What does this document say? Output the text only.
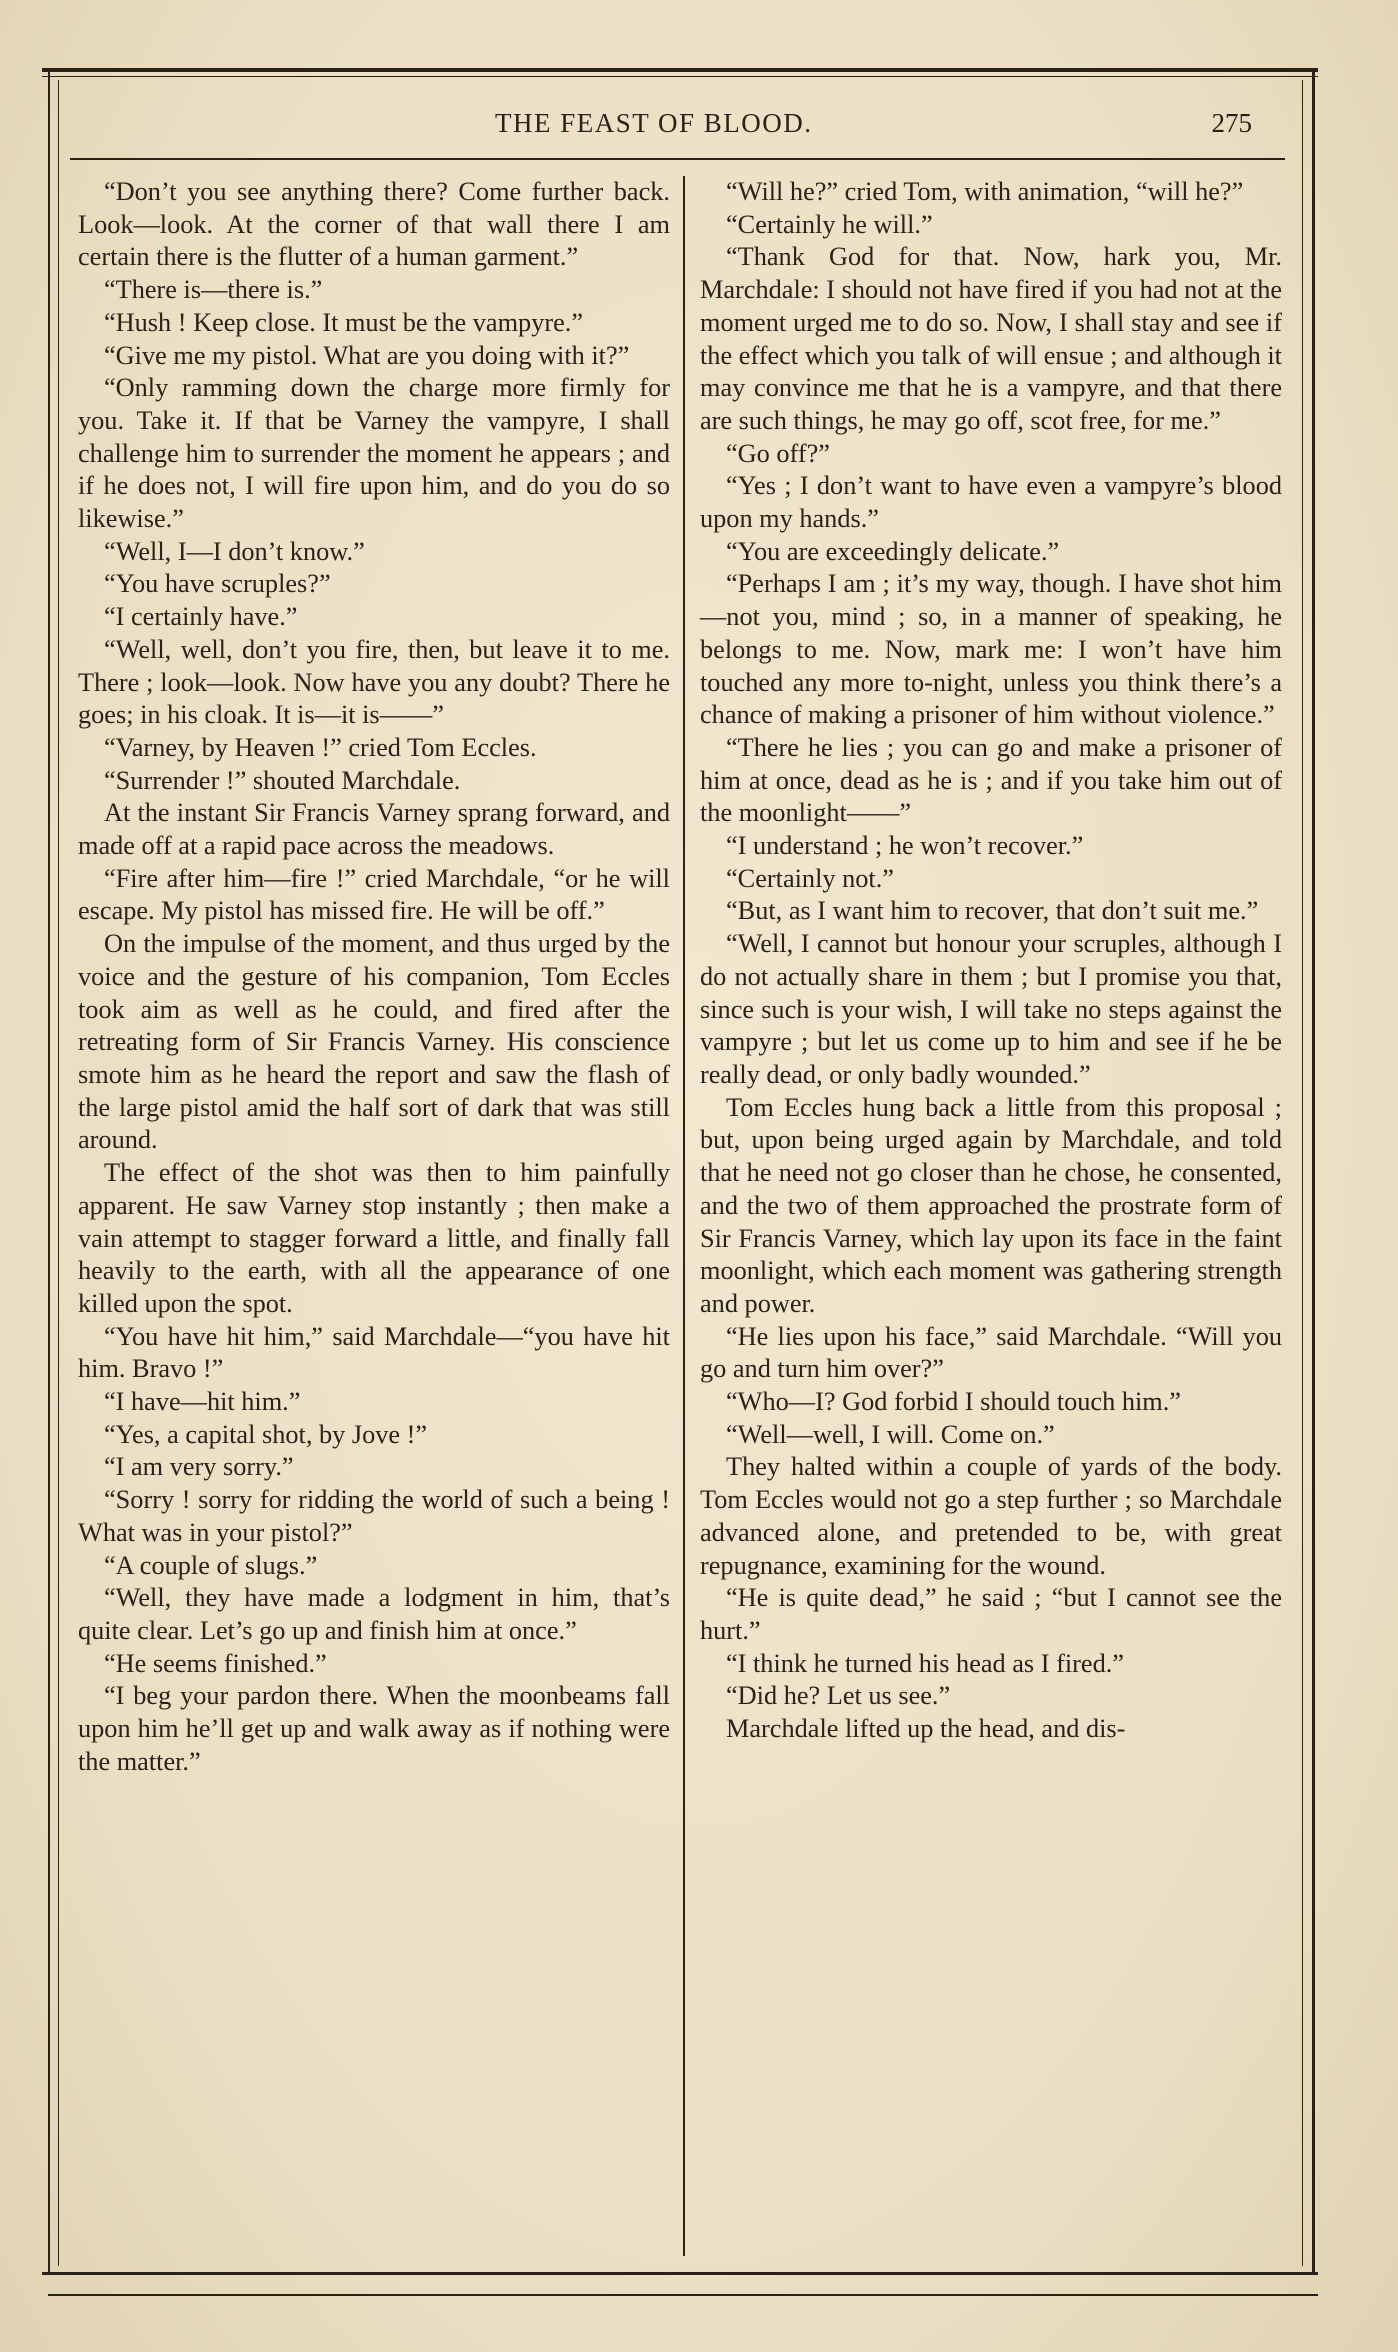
THE FEAST OF BLOOD.	275

“Don’t you see anything there? Come further back. Look—look. At the corner of that wall there I am certain there is the flutter of a human garment.”

“There is—there is.”

“Hush ! Keep close. It must be the vampyre.”

“Give me my pistol. What are you doing with it?”

“Only ramming down the charge more firmly for you. Take it. If that be Varney the vampyre, I shall challenge him to surrender the moment he appears ; and if he does not, I will fire upon him, and do you do so likewise.”

“Well, I—I don’t know.”

“You have scruples?”

“I certainly have.”

“Well, well, don’t you fire, then, but leave it to me. There ; look—look. Now have you any doubt? There he goes; in his cloak. It is—it is——”

“Varney, by Heaven !” cried Tom Eccles.

“Surrender !” shouted Marchdale.

At the instant Sir Francis Varney sprang forward, and made off at a rapid pace across the meadows.

“Fire after him—fire !” cried Marchdale, “or he will escape. My pistol has missed fire. He will be off.”

On the impulse of the moment, and thus urged by the voice and the gesture of his companion, Tom Eccles took aim as well as he could, and fired after the retreating form of Sir Francis Varney. His conscience smote him as he heard the report and saw the flash of the large pistol amid the half sort of dark that was still around.

The effect of the shot was then to him painfully apparent. He saw Varney stop instantly ; then make a vain attempt to stagger forward a little, and finally fall heavily to the earth, with all the appearance of one killed upon the spot.

“You have hit him,” said Marchdale—“you have hit him. Bravo !”

“I have—hit him.”

“Yes, a capital shot, by Jove !”

“I am very sorry.”

“Sorry ! sorry for ridding the world of such a being ! What was in your pistol?”

“A couple of slugs.”

“Well, they have made a lodgment in him, that’s quite clear. Let’s go up and finish him at once.”

“He seems finished.”

“I beg your pardon there. When the moonbeams fall upon him he’ll get up and walk away as if nothing were the matter.”

“Will he?” cried Tom, with animation, “will he?”

“Certainly he will.”

“Thank God for that. Now, hark you, Mr. Marchdale: I should not have fired if you had not at the moment urged me to do so. Now, I shall stay and see if the effect which you talk of will ensue ; and although it may convince me that he is a vampyre, and that there are such things, he may go off, scot free, for me.”

“Go off?”

“Yes ; I don’t want to have even a vampyre’s blood upon my hands.”

“You are exceedingly delicate.”

“Perhaps I am ; it’s my way, though. I have shot him—not you, mind ; so, in a manner of speaking, he belongs to me. Now, mark me: I won’t have him touched any more to-night, unless you think there’s a chance of making a prisoner of him without violence.”

“There he lies ; you can go and make a prisoner of him at once, dead as he is ; and if you take him out of the moonlight——”

“I understand ; he won’t recover.”

“Certainly not.”

“But, as I want him to recover, that don’t suit me.”

“Well, I cannot but honour your scruples, although I do not actually share in them ; but I promise you that, since such is your wish, I will take no steps against the vampyre ; but let us come up to him and see if he be really dead, or only badly wounded.”

Tom Eccles hung back a little from this proposal ; but, upon being urged again by Marchdale, and told that he need not go closer than he chose, he consented, and the two of them approached the prostrate form of Sir Francis Varney, which lay upon its face in the faint moonlight, which each moment was gathering strength and power.

“He lies upon his face,” said Marchdale. “Will you go and turn him over?”

“Who—I? God forbid I should touch him.”

“Well—well, I will. Come on.”

They halted within a couple of yards of the body. Tom Eccles would not go a step further ; so Marchdale advanced alone, and pretended to be, with great repugnance, examining for the wound.

“He is quite dead,” he said ; “but I cannot see the hurt.”

“I think he turned his head as I fired.”

“Did he? Let us see.”

Marchdale lifted up the head, and dis-
